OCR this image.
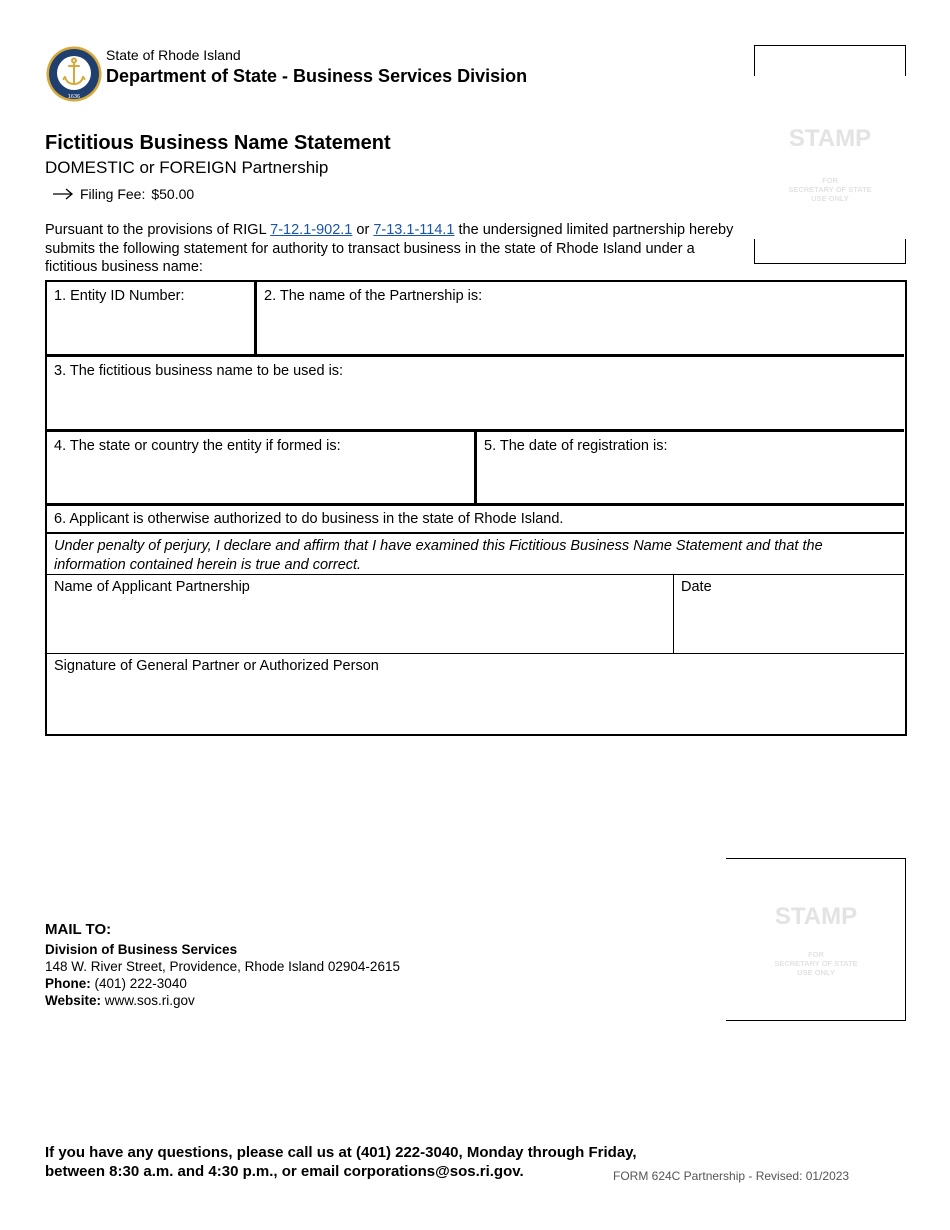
1636
State of Rhode Island
Department of State - Business Services Division
Fictitious Business Name Statement
DOMESTIC or FOREIGN Partnership
Filing Fee: $50.00
Pursuant to the provisions of RIGL 7-12.1-902.1 or 7-13.1-114.1 the undersigned limited partnership hereby submits the following statement for authority to transact business in the state of Rhode Island under a fictitious business name:
STAMP
FOR
SECRETARY OF STATE
USE ONLY
1. Entity ID Number:	2. The name of the Partnership is:
3. The fictitious business name to be used is:
4. The state or country the entity if formed is:	5. The date of registration is:
6. Applicant is otherwise authorized to do business in the state of Rhode Island.
Under penalty of perjury, I declare and affirm that I have examined this Fictitious Business Name Statement and that the information contained herein is true and correct.
Name of Applicant Partnership	Date
Signature of General Partner or Authorized Person
STAMP
FOR
SECRETARY OF STATE
USE ONLY
MAIL TO:
Division of Business Services
148 W. River Street, Providence, Rhode Island 02904-2615
Phone: (401) 222-3040
Website: www.sos.ri.gov
If you have any questions, please call us at (401) 222-3040, Monday through Friday,
between 8:30 a.m. and 4:30 p.m., or email corporations@sos.ri.gov.	FORM 624C Partnership - Revised: 01/2023
